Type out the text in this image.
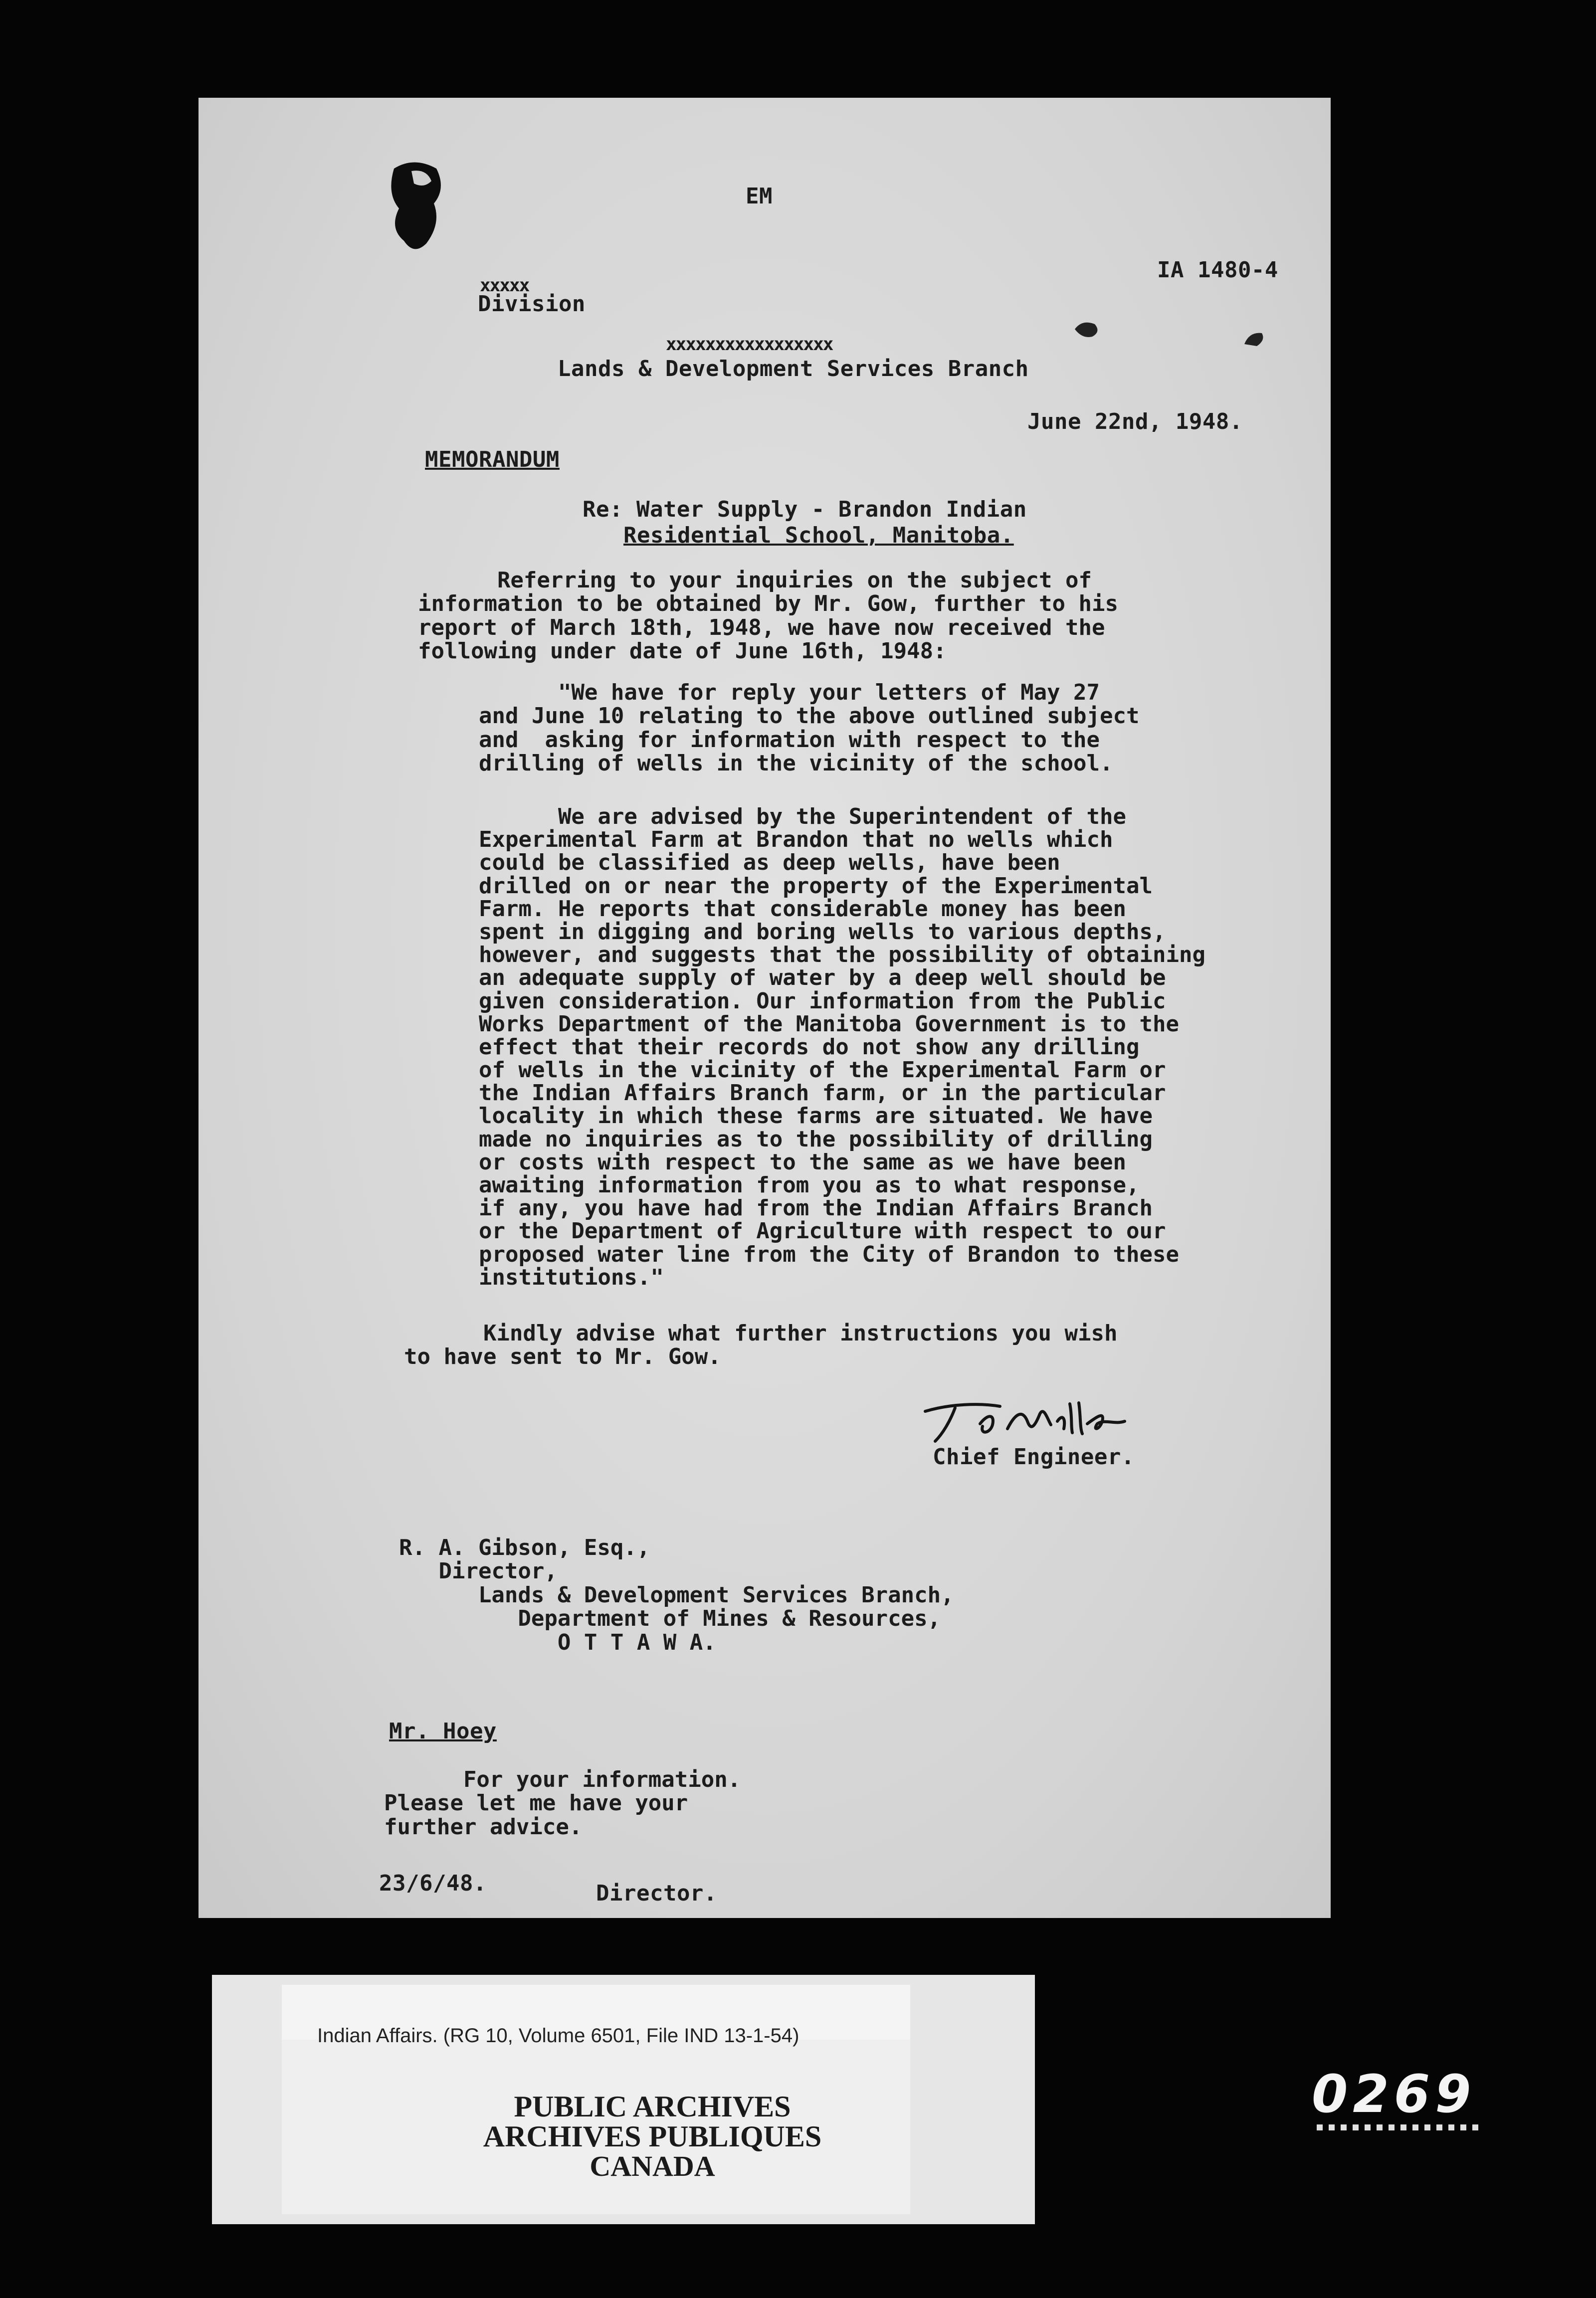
EM
IA 1480-4
xxxxx
Division
xxxxxxxxxxxxxxxxx
Lands & Development Services Branch
June 22nd, 1948.
MEMORANDUM
Re: Water Supply - Brandon Indian
Residential School, Manitoba.
Referring to your inquiries on the subject of
information to be obtained by Mr. Gow, further to his
report of March 18th, 1948, we have now received the
following under date of June 16th, 1948:
"We have for reply your letters of May 27
and June 10 relating to the above outlined subject
and  asking for information with respect to the
drilling of wells in the vicinity of the school.
We are advised by the Superintendent of the
Experimental Farm at Brandon that no wells which
could be classified as deep wells, have been
drilled on or near the property of the Experimental
Farm. He reports that considerable money has been
spent in digging and boring wells to various depths,
however, and suggests that the possibility of obtaining
an adequate supply of water by a deep well should be
given consideration. Our information from the Public
Works Department of the Manitoba Government is to the
effect that their records do not show any drilling
of wells in the vicinity of the Experimental Farm or
the Indian Affairs Branch farm, or in the particular
locality in which these farms are situated. We have
made no inquiries as to the possibility of drilling
or costs with respect to the same as we have been
awaiting information from you as to what response,
if any, you have had from the Indian Affairs Branch
or the Department of Agriculture with respect to our
proposed water line from the City of Brandon to these
institutions."
Kindly advise what further instructions you wish
to have sent to Mr. Gow.
Chief Engineer.
R. A. Gibson, Esq.,
Director,
Lands & Development Services Branch,
Department of Mines & Resources,
O T T A W A.
Mr. Hoey
For your information.
Please let me have your
further advice.
23/6/48.	Director.
Indian Affairs. (RG 10, Volume 6501, File IND 13-1-54)
PUBLIC ARCHIVES
ARCHIVES PUBLIQUES
CANADA
0269
